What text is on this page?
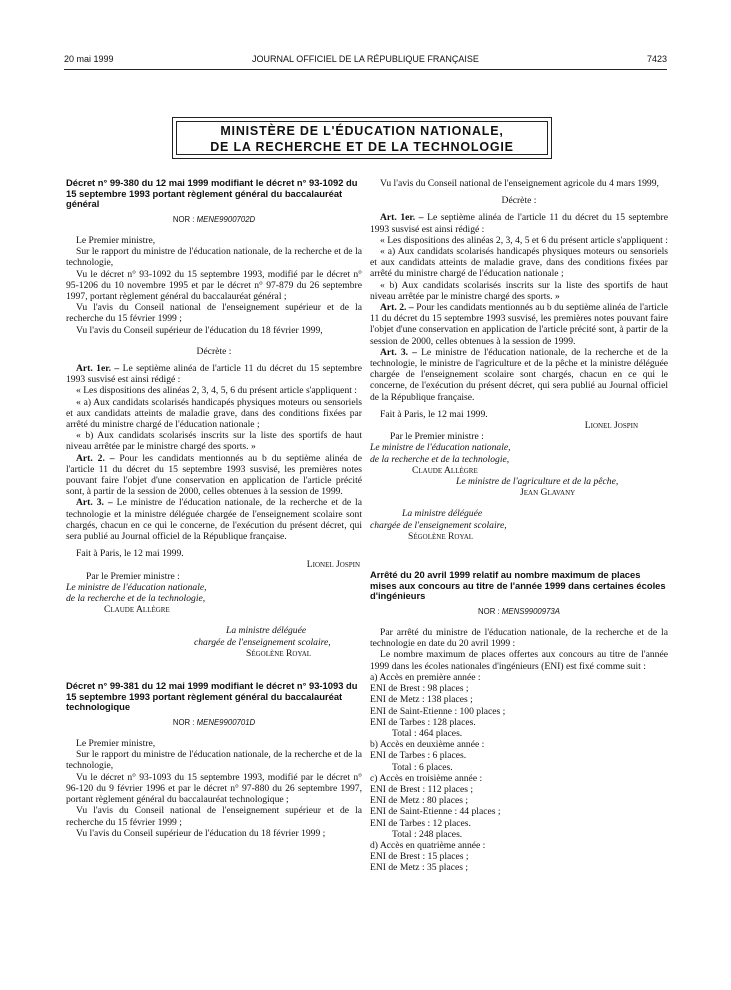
20 mai 1999	JOURNAL OFFICIEL DE LA RÉPUBLIQUE FRANÇAISE	7423
MINISTÈRE DE L'ÉDUCATION NATIONALE,
DE LA RECHERCHE ET DE LA TECHNOLOGIE
Décret n° 99-380 du 12 mai 1999 modifiant le décret n° 93-1092 du 15 septembre 1993 portant règlement général du baccalauréat général
NOR : MENE9900702D

Le Premier ministre,

Sur le rapport du ministre de l'éducation nationale, de la recherche et de la technologie,

Vu le décret n° 93-1092 du 15 septembre 1993, modifié par le décret n° 95-1206 du 10 novembre 1995 et par le décret n° 97-879 du 26 septembre 1997, portant règlement général du baccalauréat général ;

Vu l'avis du Conseil national de l'enseignement supérieur et de la recherche du 15 février 1999 ;

Vu l'avis du Conseil supérieur de l'éducation du 18 février 1999,

Décrète :

Art. 1er. – Le septième alinéa de l'article 11 du décret du 15 septembre 1993 susvisé est ainsi rédigé :

« Les dispositions des alinéas 2, 3, 4, 5, 6 du présent article s'appliquent :

« a) Aux candidats scolarisés handicapés physiques moteurs ou sensoriels et aux candidats atteints de maladie grave, dans des conditions fixées par arrêté du ministre chargé de l'éducation nationale ;

« b) Aux candidats scolarisés inscrits sur la liste des sportifs de haut niveau arrêtée par le ministre chargé des sports. »

Art. 2. – Pour les candidats mentionnés au b du septième alinéa de l'article 11 du décret du 15 septembre 1993 susvisé, les premières notes pouvant faire l'objet d'une conservation en application de l'article précité sont, à partir de la session de 2000, celles obtenues à la session de 1999.

Art. 3. – Le ministre de l'éducation nationale, de la recherche et de la technologie et la ministre déléguée chargée de l'enseignement scolaire sont chargés, chacun en ce qui le concerne, de l'exécution du présent décret, qui sera publié au Journal officiel de la République française.

Fait à Paris, le 12 mai 1999.

Lionel Jospin

Par le Premier ministre :

Le ministre de l'éducation nationale,

de la recherche et de la technologie,

Claude Allègre

La ministre déléguée

chargée de l'enseignement scolaire,

Ségolène Royal

Décret n° 99-381 du 12 mai 1999 modifiant le décret n° 93-1093 du 15 septembre 1993 portant règlement général du baccalauréat technologique
NOR : MENE9900701D

Le Premier ministre,

Sur le rapport du ministre de l'éducation nationale, de la recherche et de la technologie,

Vu le décret n° 93-1093 du 15 septembre 1993, modifié par le décret n° 96-120 du 9 février 1996 et par le décret n° 97-880 du 26 septembre 1997, portant règlement général du baccalauréat technologique ;

Vu l'avis du Conseil national de l'enseignement supérieur et de la recherche du 15 février 1999 ;

Vu l'avis du Conseil supérieur de l'éducation du 18 février 1999 ;

Vu l'avis du Conseil national de l'enseignement agricole du 4 mars 1999,

Décrète :

Art. 1er. – Le septième alinéa de l'article 11 du décret du 15 septembre 1993 susvisé est ainsi rédigé :

« Les dispositions des alinéas 2, 3, 4, 5 et 6 du présent article s'appliquent :

« a) Aux candidats scolarisés handicapés physiques moteurs ou sensoriels et aux candidats atteints de maladie grave, dans des conditions fixées par arrêté du ministre chargé de l'éducation nationale ;

« b) Aux candidats scolarisés inscrits sur la liste des sportifs de haut niveau arrêtée par le ministre chargé des sports. »

Art. 2. – Pour les candidats mentionnés au b du septième alinéa de l'article 11 du décret du 15 septembre 1993 susvisé, les premières notes pouvant faire l'objet d'une conservation en application de l'article précité sont, à partir de la session de 2000, celles obtenues à la session de 1999.

Art. 3. – Le ministre de l'éducation nationale, de la recherche et de la technologie, le ministre de l'agriculture et de la pêche et la ministre déléguée chargée de l'enseignement scolaire sont chargés, chacun en ce qui le concerne, de l'exécution du présent décret, qui sera publié au Journal officiel de la République française.

Fait à Paris, le 12 mai 1999.

Lionel Jospin

Par le Premier ministre :

Le ministre de l'éducation nationale,

de la recherche et de la technologie,

Claude Allègre

Le ministre de l'agriculture et de la pêche,

Jean Glavany

La ministre déléguée

chargée de l'enseignement scolaire,

Ségolène Royal

Arrêté du 20 avril 1999 relatif au nombre maximum de places mises aux concours au titre de l'année 1999 dans certaines écoles d'ingénieurs
NOR : MENS9900973A

Par arrêté du ministre de l'éducation nationale, de la recherche et de la technologie en date du 20 avril 1999 :

Le nombre maximum de places offertes aux concours au titre de l'année 1999 dans les écoles nationales d'ingénieurs (ENI) est fixé comme suit :

a) Accès en première année :

ENI de Brest : 98 places ;

ENI de Metz : 138 places ;

ENI de Saint-Etienne : 100 places ;

ENI de Tarbes : 128 places.

Total : 464 places.

b) Accès en deuxième année :

ENI de Tarbes : 6 places.

Total : 6 places.

c) Accès en troisième année :

ENI de Brest : 112 places ;

ENI de Metz : 80 places ;

ENI de Saint-Etienne : 44 places ;

ENI de Tarbes : 12 places.

Total : 248 places.

d) Accès en quatrième année :

ENI de Brest : 15 places ;

ENI de Metz : 35 places ;
